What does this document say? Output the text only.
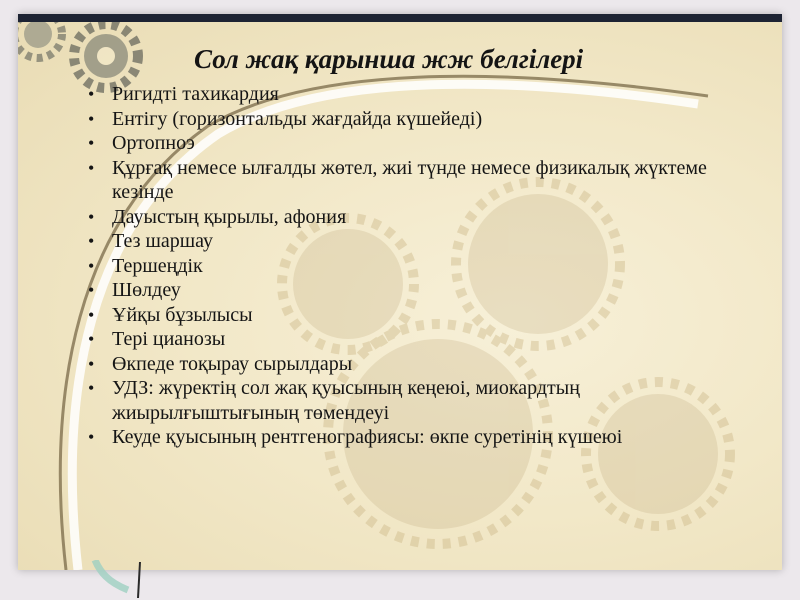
Сол жақ қарынша жж белгілері
• Ригидті тахикардия
• Ентігу (горизонтальды жағдайда күшейеді)
• Ортопноэ
• Құрғақ немесе ылғалды жөтел, жиі түнде немесе физикалық жүктеме кезінде
• Дауыстың қырылы, афония
• Тез шаршау
• Тершеңдік
• Шөлдеу
• Ұйқы бұзылысы
• Тері цианозы
• Өкпеде тоқырау сырылдары
• УДЗ: жүректің сол жақ қуысының кеңеюі, миокардтың жиырылғыштығының төмендеуі
• Кеуде қуысының рентгенографиясы: өкпе суретінің күшеюі
